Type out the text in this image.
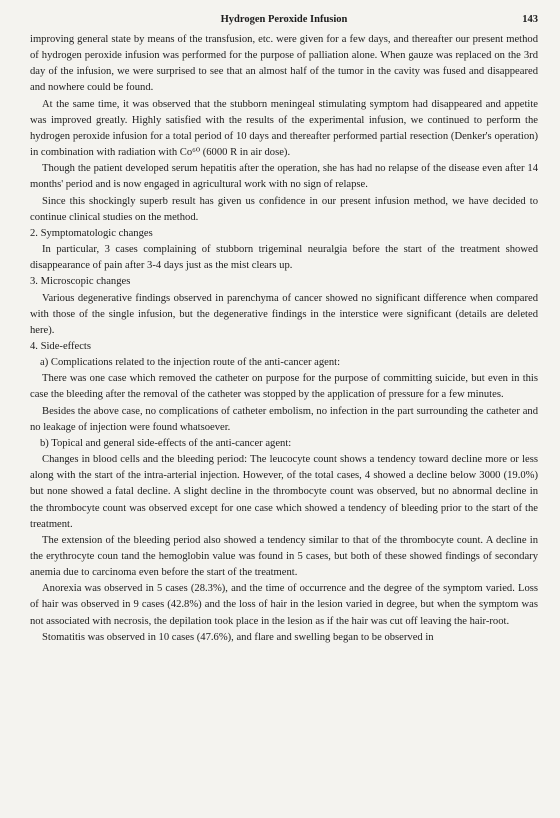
Hydrogen Peroxide Infusion	143

improving general state by means of the transfusion, etc. were given for a few days, and thereafter our present method of hydrogen peroxide infusion was performed for the purpose of palliation alone. When gauze was replaced on the 3rd day of the infusion, we were surprised to see that an almost half of the tumor in the cavity was fused and disappeared and nowhere could be found.

At the same time, it was observed that the stubborn meningeal stimulating symptom had disappeared and appetite was improved greatly. Highly satisfied with the results of the experimental infusion, we continued to perform the hydrogen peroxide infusion for a total period of 10 days and thereafter performed partial resection (Denker's operation) in combination with radiation with Co⁶⁰ (6000 R in air dose).

Though the patient developed serum hepatitis after the operation, she has had no relapse of the disease even after 14 months' period and is now engaged in agricultural work with no sign of relapse.

Since this shockingly superb result has given us confidence in our present infusion method, we have decided to continue clinical studies on the method.

2. Symptomatologic changes

In particular, 3 cases complaining of stubborn trigeminal neuralgia before the start of the treatment showed disappearance of pain after 3-4 days just as the mist clears up.

3. Microscopic changes

Various degenerative findings observed in parenchyma of cancer showed no significant difference when compared with those of the single infusion, but the degenerative findings in the interstice were significant (details are deleted here).

4. Side-effects

a) Complications related to the injection route of the anti-cancer agent:

There was one case which removed the catheter on purpose for the purpose of committing suicide, but even in this case the bleeding after the removal of the catheter was stopped by the application of pressure for a few minutes.

Besides the above case, no complications of catheter embolism, no infection in the part surrounding the catheter and no leakage of injection were found whatsoever.

b) Topical and general side-effects of the anti-cancer agent:

Changes in blood cells and the bleeding period: The leucocyte count shows a tendency toward decline more or less along with the start of the intra-arterial injection. However, of the total cases, 4 showed a decline below 3000 (19.0%) but none showed a fatal decline. A slight decline in the thrombocyte count was observed, but no abnormal decline in the thrombocyte count was observed except for one case which showed a tendency of bleeding prior to the start of the treatment.

The extension of the bleeding period also showed a tendency similar to that of the thrombocyte count. A decline in the erythrocyte coun tand the hemoglobin value was found in 5 cases, but both of these showed findings of secondary anemia due to carcinoma even before the start of the treatment.

Anorexia was observed in 5 cases (28.3%), and the time of occurrence and the degree of the symptom varied. Loss of hair was observed in 9 cases (42.8%) and the loss of hair in the lesion varied in degree, but when the symptom was not associated with necrosis, the depilation took place in the lesion as if the hair was cut off leaving the hair-root.

Stomatitis was observed in 10 cases (47.6%), and flare and swelling began to be observed in
